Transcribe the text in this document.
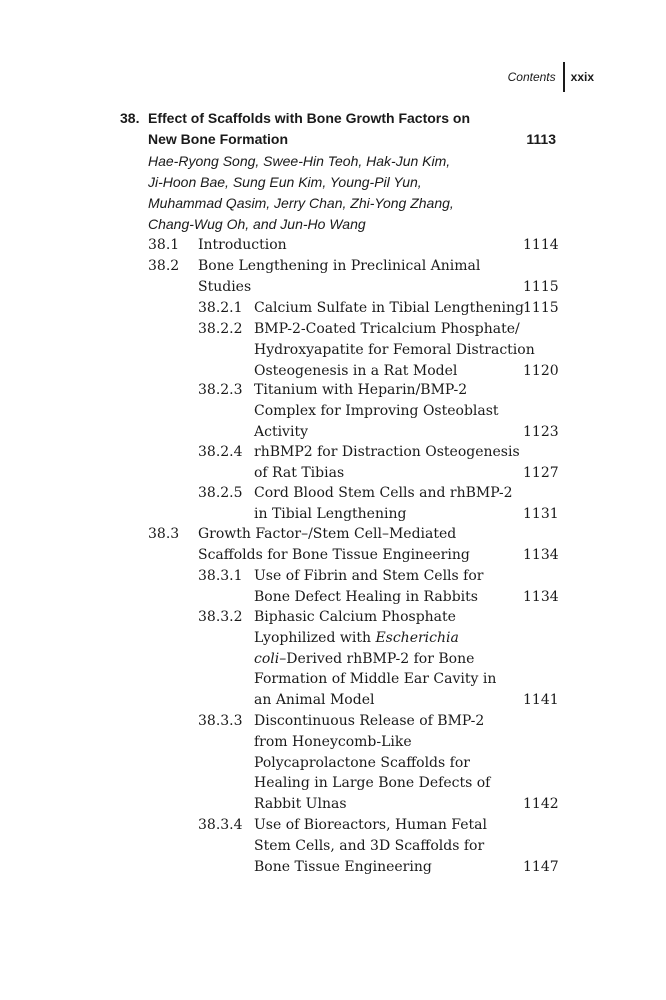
Contents xxix
38. Effect of Scaffolds with Bone Growth Factors on
New Bone Formation	1113
Hae-Ryong Song, Swee-Hin Teoh, Hak-Jun Kim,
Ji-Hoon Bae, Sung Eun Kim, Young-Pil Yun,
Muhammad Qasim, Jerry Chan, Zhi-Yong Zhang,
Chang-Wug Oh, and Jun-Ho Wang
38.1 Introduction	1114
38.2 Bone Lengthening in Preclinical Animal
Studies	1115
38.2.1 Calcium Sulfate in Tibial Lengthening
1115
38.2.2 BMP-2-Coated Tricalcium Phosphate/
Hydroxyapatite for Femoral Distraction
Osteogenesis in a Rat Model	1120
38.2.3 Titanium with Heparin/BMP-2
Complex for Improving Osteoblast
Activity	1123
38.2.4 rhBMP2 for Distraction Osteogenesis
of Rat Tibias	1127
38.2.5 Cord Blood Stem Cells and rhBMP-2
in Tibial Lengthening	1131
38.3 Growth Factor–/Stem Cell–Mediated
Scaffolds for Bone Tissue Engineering	1134
38.3.1 Use of Fibrin and Stem Cells for
Bone Defect Healing in Rabbits	1134
38.3.2 Biphasic Calcium Phosphate
Lyophilized with Escherichia
coli–Derived rhBMP-2 for Bone
Formation of Middle Ear Cavity in
an Animal Model	1141
38.3.3 Discontinuous Release of BMP-2
from Honeycomb-Like
Polycaprolactone Scaffolds for
Healing in Large Bone Defects of
Rabbit Ulnas	1142
38.3.4 Use of Bioreactors, Human Fetal
Stem Cells, and 3D Scaffolds for
Bone Tissue Engineering	1147
